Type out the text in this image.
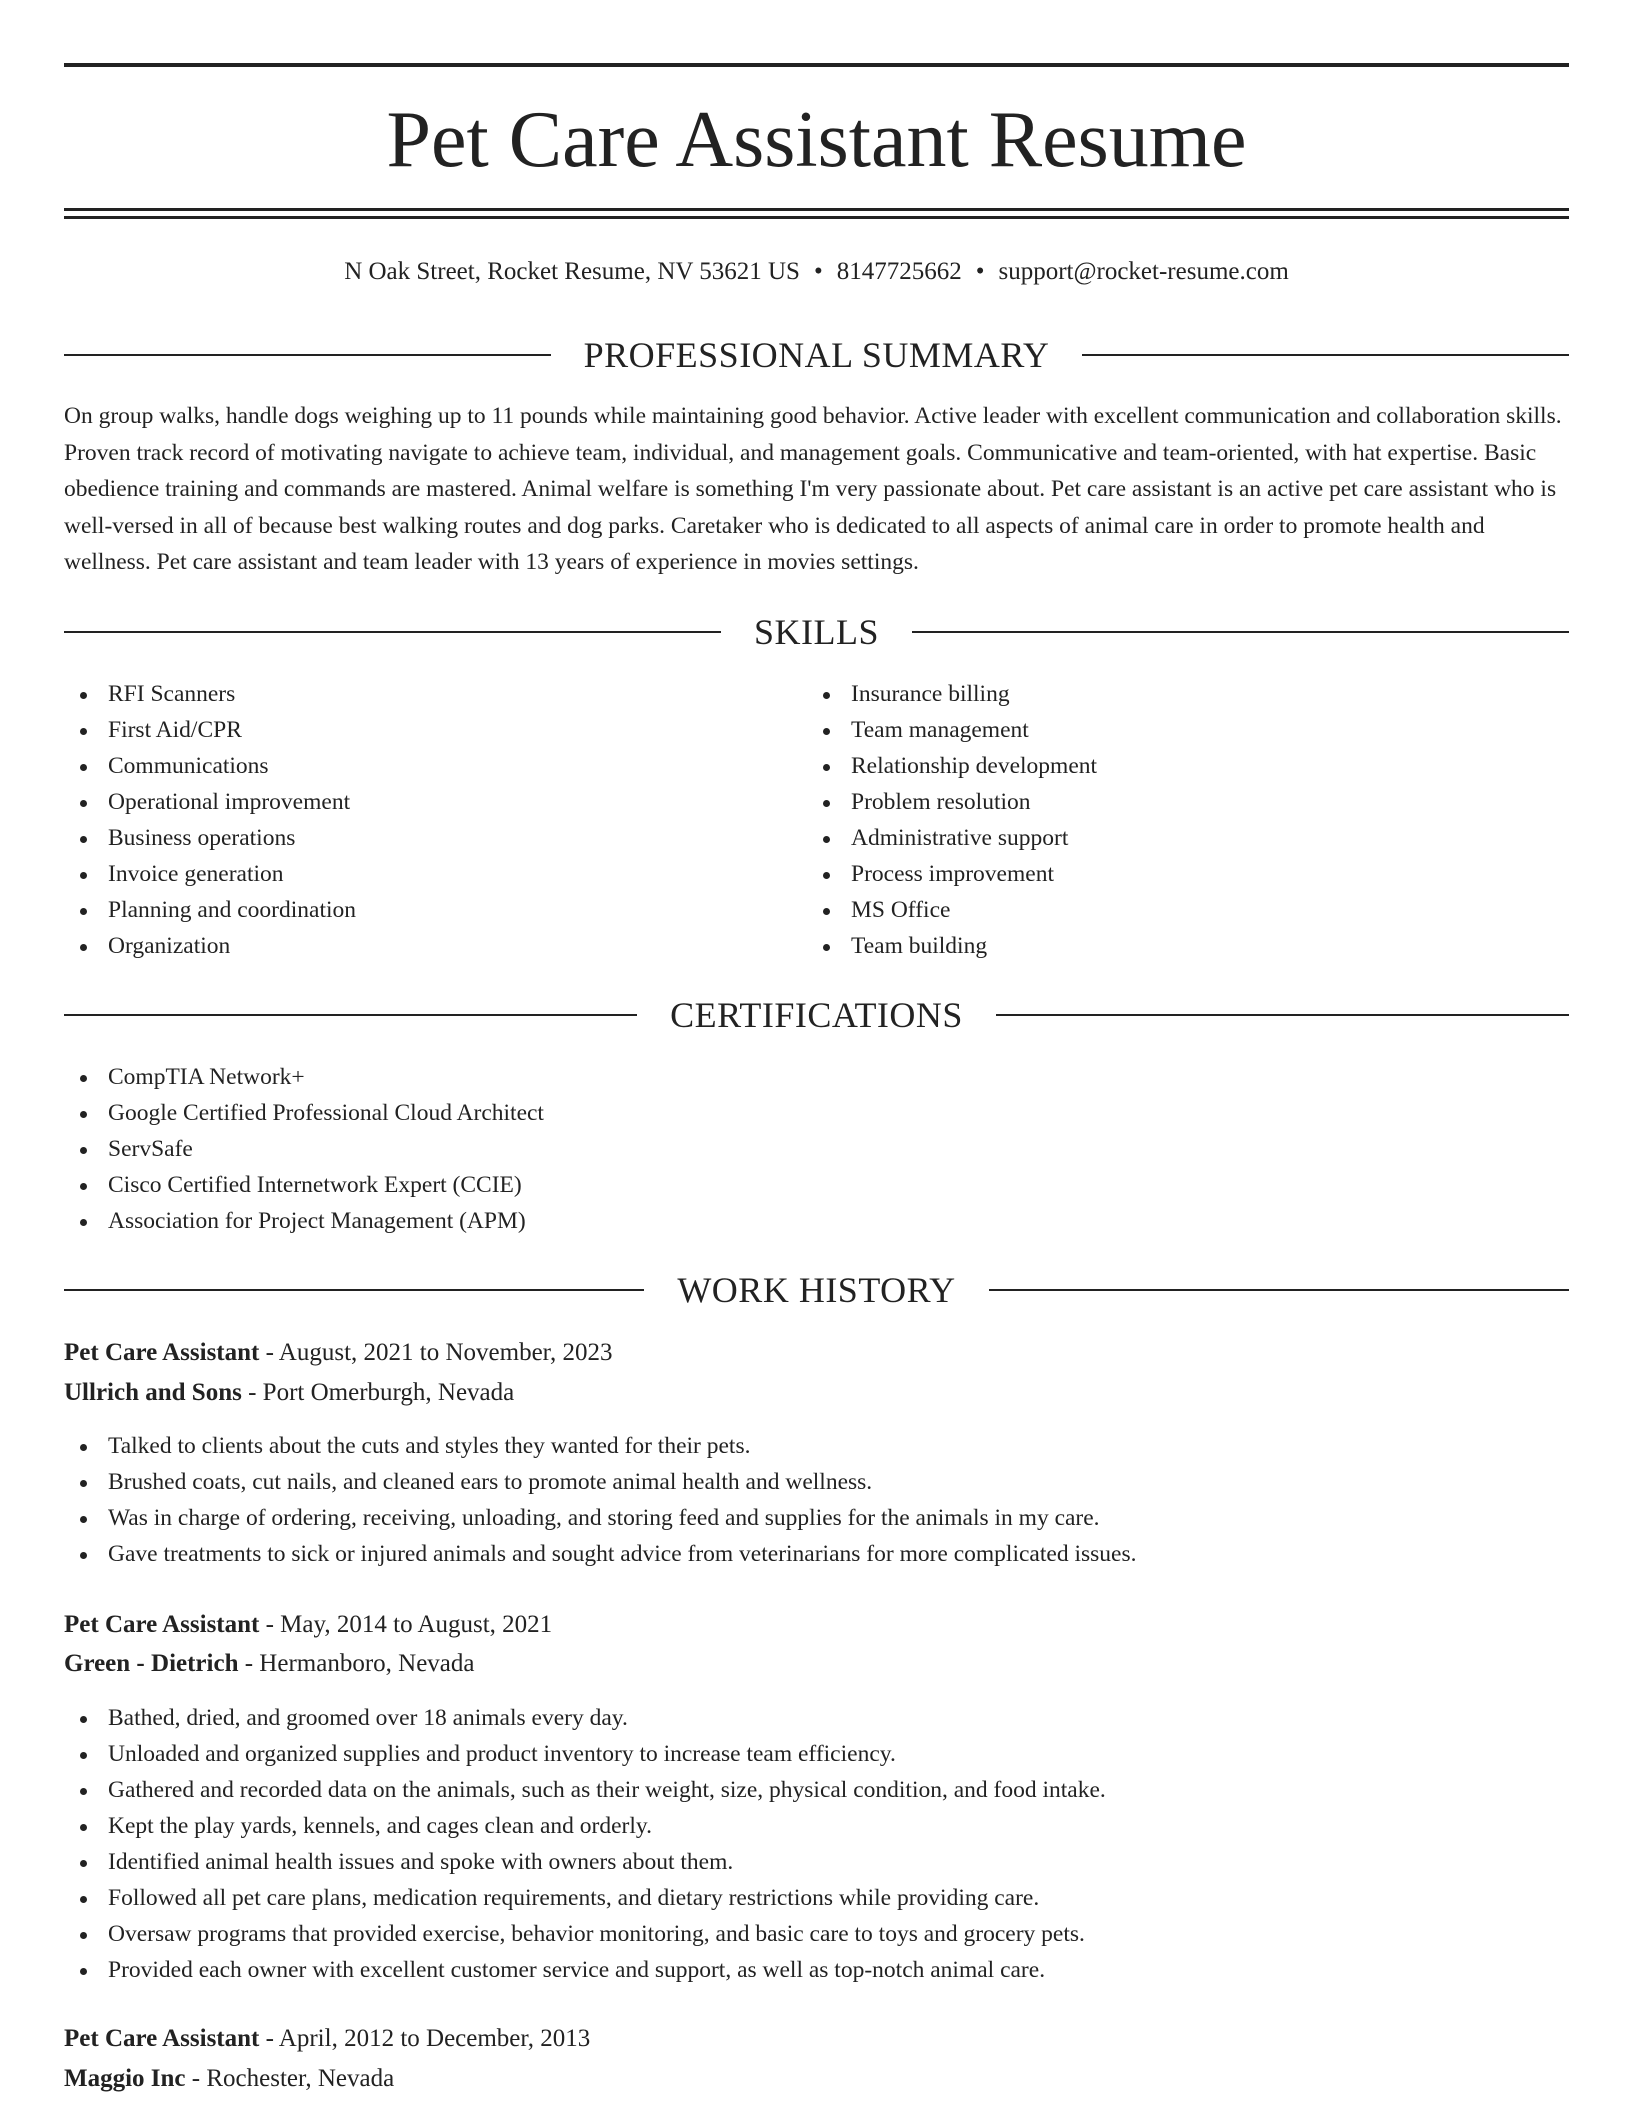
Pet Care Assistant Resume
N Oak Street, Rocket Resume, NV 53621 US • 8147725662 • support@rocket-resume.com
PROFESSIONAL SUMMARY

On group walks, handle dogs weighing up to 11 pounds while maintaining good behavior. Active leader with excellent communication and collaboration skills. Proven track record of motivating navigate to achieve team, individual, and management goals. Communicative and team-oriented, with hat expertise. Basic obedience training and commands are mastered. Animal welfare is something I'm very passionate about. Pet care assistant is an active pet care assistant who is well-versed in all of because best walking routes and dog parks. Caretaker who is dedicated to all aspects of animal care in order to promote health and wellness. Pet care assistant and team leader with 13 years of experience in movies settings.

SKILLS
RFI Scanners
First Aid/CPR
Communications
Operational improvement
Business operations
Invoice generation
Planning and coordination
Organization
Insurance billing
Team management
Relationship development
Problem resolution
Administrative support
Process improvement
MS Office
Team building
CERTIFICATIONS
CompTIA Network+
Google Certified Professional Cloud Architect
ServSafe
Cisco Certified Internetwork Expert (CCIE)
Association for Project Management (APM)
WORK HISTORY
Pet Care Assistant - August, 2021 to November, 2023
Ullrich and Sons - Port Omerburgh, Nevada
Talked to clients about the cuts and styles they wanted for their pets.
Brushed coats, cut nails, and cleaned ears to promote animal health and wellness.
Was in charge of ordering, receiving, unloading, and storing feed and supplies for the animals in my care.
Gave treatments to sick or injured animals and sought advice from veterinarians for more complicated issues.
Pet Care Assistant - May, 2014 to August, 2021
Green - Dietrich - Hermanboro, Nevada
Bathed, dried, and groomed over 18 animals every day.
Unloaded and organized supplies and product inventory to increase team efficiency.
Gathered and recorded data on the animals, such as their weight, size, physical condition, and food intake.
Kept the play yards, kennels, and cages clean and orderly.
Identified animal health issues and spoke with owners about them.
Followed all pet care plans, medication requirements, and dietary restrictions while providing care.
Oversaw programs that provided exercise, behavior monitoring, and basic care to toys and grocery pets.
Provided each owner with excellent customer service and support, as well as top-notch animal care.
Pet Care Assistant - April, 2012 to December, 2013
Maggio Inc - Rochester, Nevada
